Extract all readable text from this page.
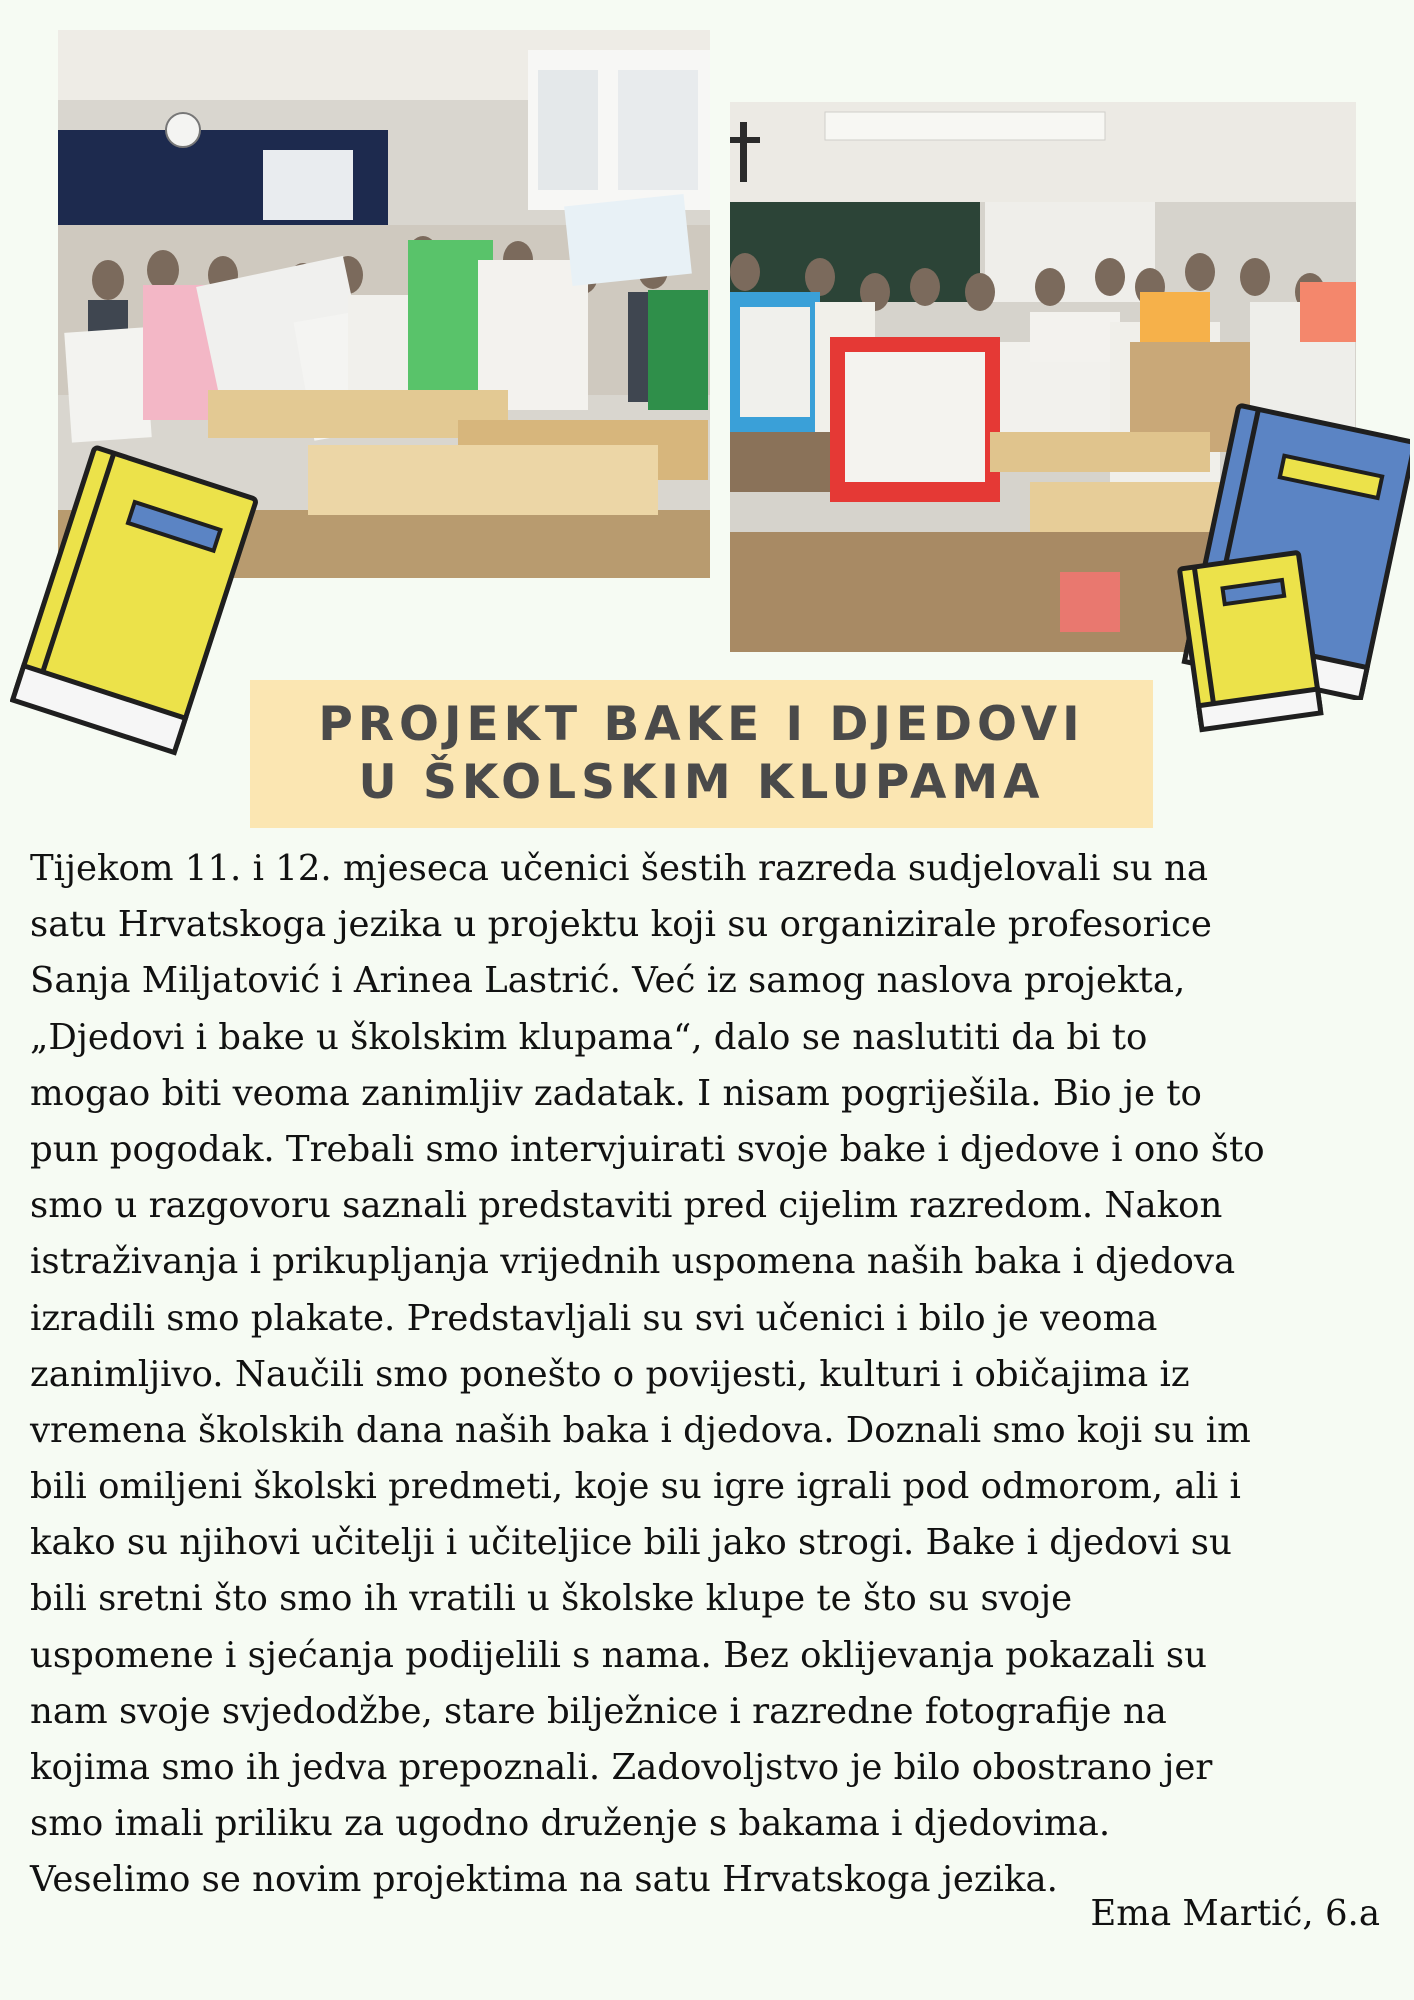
PROJEKT BAKE I DJEDOVI
U ŠKOLSKIM KLUPAMA
Tijekom 11. i 12. mjeseca učenici šestih razreda sudjelovali su na
satu Hrvatskoga jezika u projektu koji su organizirale profesorice
Sanja Miljatović i Arinea Lastrić. Već iz samog naslova projekta,
„Djedovi i bake u školskim klupama“, dalo se naslutiti da bi to
mogao biti veoma zanimljiv zadatak. I nisam pogriješila. Bio je to
pun pogodak. Trebali smo intervjuirati svoje bake i djedove i ono što
smo u razgovoru saznali predstaviti pred cijelim razredom. Nakon
istraživanja i prikupljanja vrijednih uspomena naših baka i djedova
izradili smo plakate. Predstavljali su svi učenici i bilo je veoma
zanimljivo. Naučili smo ponešto o povijesti, kulturi i običajima iz
vremena školskih dana naših baka i djedova. Doznali smo koji su im
bili omiljeni školski predmeti, koje su igre igrali pod odmorom, ali i
kako su njihovi učitelji i učiteljice bili jako strogi. Bake i djedovi su
bili sretni što smo ih vratili u školske klupe te što su svoje
uspomene i sjećanja podijelili s nama. Bez oklijevanja pokazali su
nam svoje svjedodžbe, stare bilježnice i razredne fotografije na
kojima smo ih jedva prepoznali. Zadovoljstvo je bilo obostrano jer
smo imali priliku za ugodno druženje s bakama i djedovima.
Veselimo se novim projektima na satu Hrvatskoga jezika.
Ema Martić, 6.a
